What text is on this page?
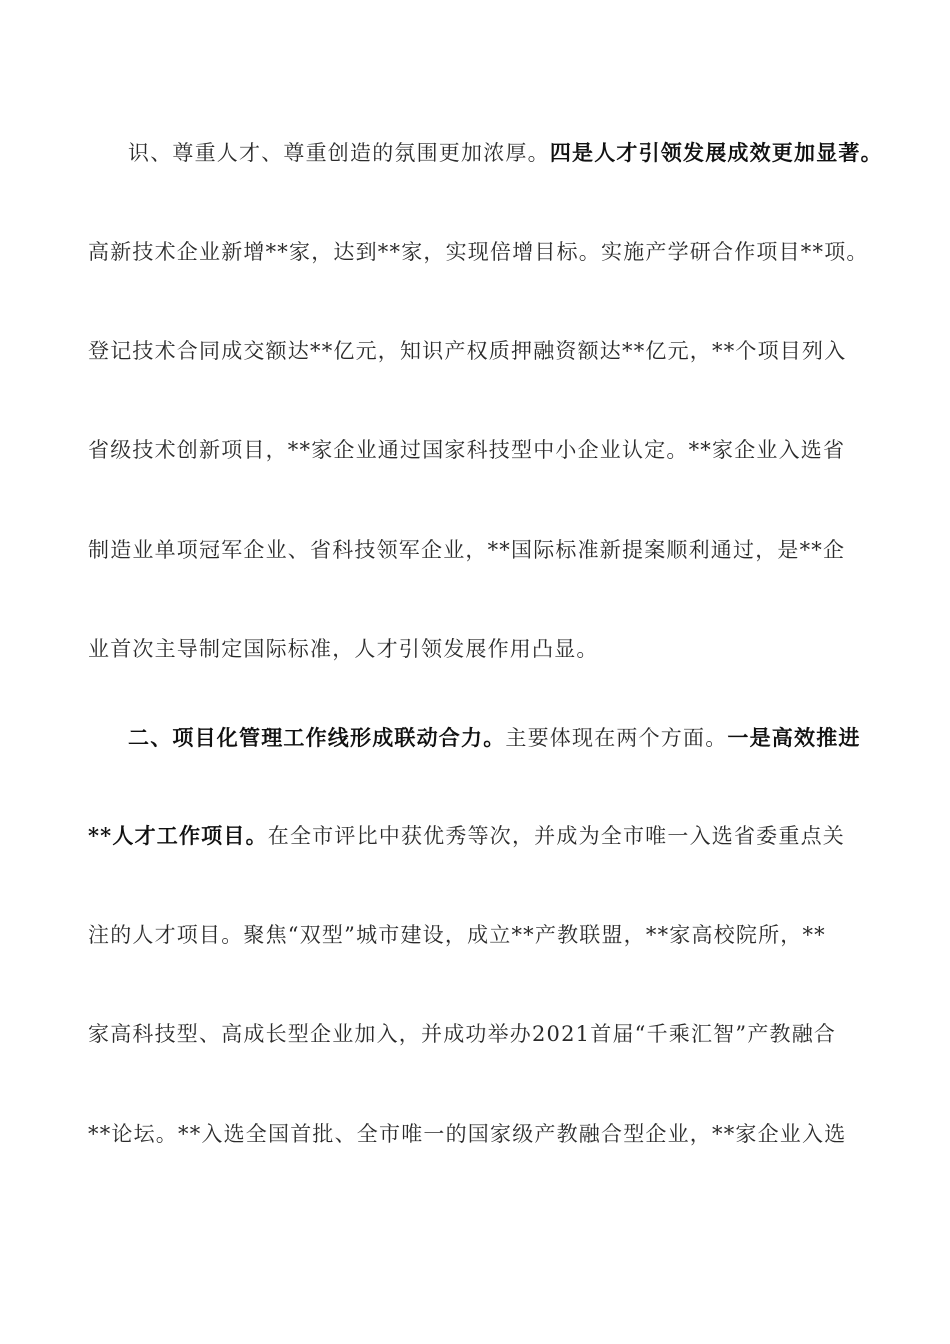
识、尊重人才、尊重创造的氛围更加浓厚。四是人才引领发展成效更加显著。

高新技术企业新增**家，达到**家，实现倍增目标。实施产学研合作项目**项。

登记技术合同成交额达**亿元，知识产权质押融资额达**亿元，**个项目列入

省级技术创新项目，**家企业通过国家科技型中小企业认定。**家企业入选省

制造业单项冠军企业、省科技领军企业，**国际标准新提案顺利通过，是**企

业首次主导制定国际标准，人才引领发展作用凸显。

二、项目化管理工作线形成联动合力。主要体现在两个方面。一是高效推进

**人才工作项目。在全市评比中获优秀等次，并成为全市唯一入选省委重点关

注的人才项目。聚焦“双型”城市建设，成立**产教联盟，**家高校院所，**

家高科技型、高成长型企业加入，并成功举办2021首届“千乘汇智”产教融合

**论坛。**入选全国首批、全市唯一的国家级产教融合型企业，**家企业入选
